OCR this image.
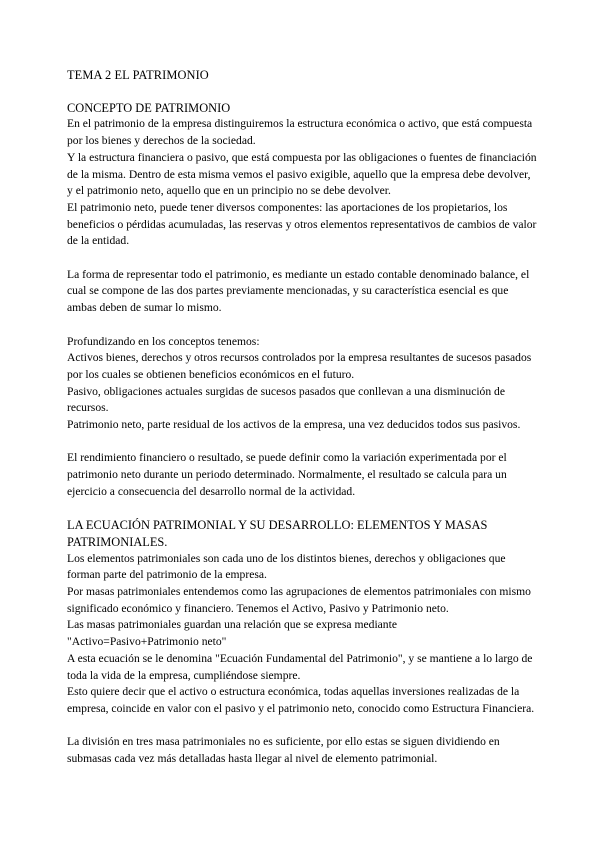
TEMA 2 EL PATRIMONIO
CONCEPTO DE PATRIMONIO

En el patrimonio de la empresa distinguiremos la estructura económica o activo, que está compuesta por los bienes y derechos de la sociedad.

Y la estructura financiera o pasivo, que está compuesta por las obligaciones o fuentes de financiación de la misma. Dentro de esta misma vemos el pasivo exigible, aquello que la empresa debe devolver, y el patrimonio neto, aquello que en un principio no se debe devolver.

El patrimonio neto, puede tener diversos componentes: las aportaciones de los propietarios, los beneficios o pérdidas acumuladas, las reservas y otros elementos representativos de cambios de valor de la entidad.

La forma de representar todo el patrimonio, es mediante un estado contable denominado balance, el cual se compone de las dos partes previamente mencionadas, y su característica esencial es que ambas deben de sumar lo mismo.

Profundizando en los conceptos tenemos:

Activos bienes, derechos y otros recursos controlados por la empresa resultantes de sucesos pasados por los cuales se obtienen beneficios económicos en el futuro.

Pasivo, obligaciones actuales surgidas de sucesos pasados que conllevan a una disminución de recursos.

Patrimonio neto, parte residual de los activos de la empresa, una vez deducidos todos sus pasivos.

El rendimiento financiero o resultado, se puede definir como la variación experimentada por el patrimonio neto durante un periodo determinado. Normalmente, el resultado se calcula para un ejercicio a consecuencia del desarrollo normal de la actividad.

LA ECUACIÓN PATRIMONIAL Y SU DESARROLLO: ELEMENTOS Y MASAS PATRIMONIALES.

Los elementos patrimoniales son cada uno de los distintos bienes, derechos y obligaciones que forman parte del patrimonio de la empresa.

Por masas patrimoniales entendemos como las agrupaciones de elementos patrimoniales con mismo significado económico y financiero. Tenemos el Activo, Pasivo y Patrimonio neto.

Las masas patrimoniales guardan una relación que se expresa mediante

"Activo=Pasivo+Patrimonio neto"

A esta ecuación se le denomina "Ecuación Fundamental del Patrimonio", y se mantiene a lo largo de toda la vida de la empresa, cumpliéndose siempre.

Esto quiere decir que el activo o estructura económica, todas aquellas inversiones realizadas de la empresa, coincide en valor con el pasivo y el patrimonio neto, conocido como Estructura Financiera.

La división en tres masa patrimoniales no es suficiente, por ello estas se siguen dividiendo en submasas cada vez más detalladas hasta llegar al nivel de elemento patrimonial.
